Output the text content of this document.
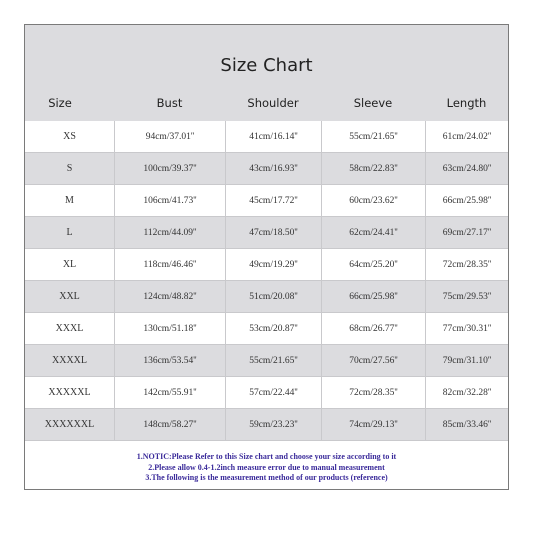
Size Chart
Size	Bust	Shoulder	Sleeve	Length
XS	94cm/37.01''	41cm/16.14''	55cm/21.65''	61cm/24.02''
S	100cm/39.37''	43cm/16.93''	58cm/22.83''	63cm/24.80''
M	106cm/41.73''	45cm/17.72''	60cm/23.62''	66cm/25.98''
L	112cm/44.09''	47cm/18.50''	62cm/24.41''	69cm/27.17''
XL	118cm/46.46''	49cm/19.29''	64cm/25.20''	72cm/28.35''
XXL	124cm/48.82''	51cm/20.08''	66cm/25.98''	75cm/29.53''
XXXL	130cm/51.18''	53cm/20.87''	68cm/26.77''	77cm/30.31''
XXXXL	136cm/53.54''	55cm/21.65''	70cm/27.56''	79cm/31.10''
XXXXXL	142cm/55.91''	57cm/22.44''	72cm/28.35''	82cm/32.28''
XXXXXXL	148cm/58.27''	59cm/23.23''	74cm/29.13''	85cm/33.46''
1.NOTIC:Please Refer to this Size chart and choose your size according to it
2.Please allow 0.4-1.2inch measure error due to manual measurement
3.The following is the measurement method of our products (reference)
